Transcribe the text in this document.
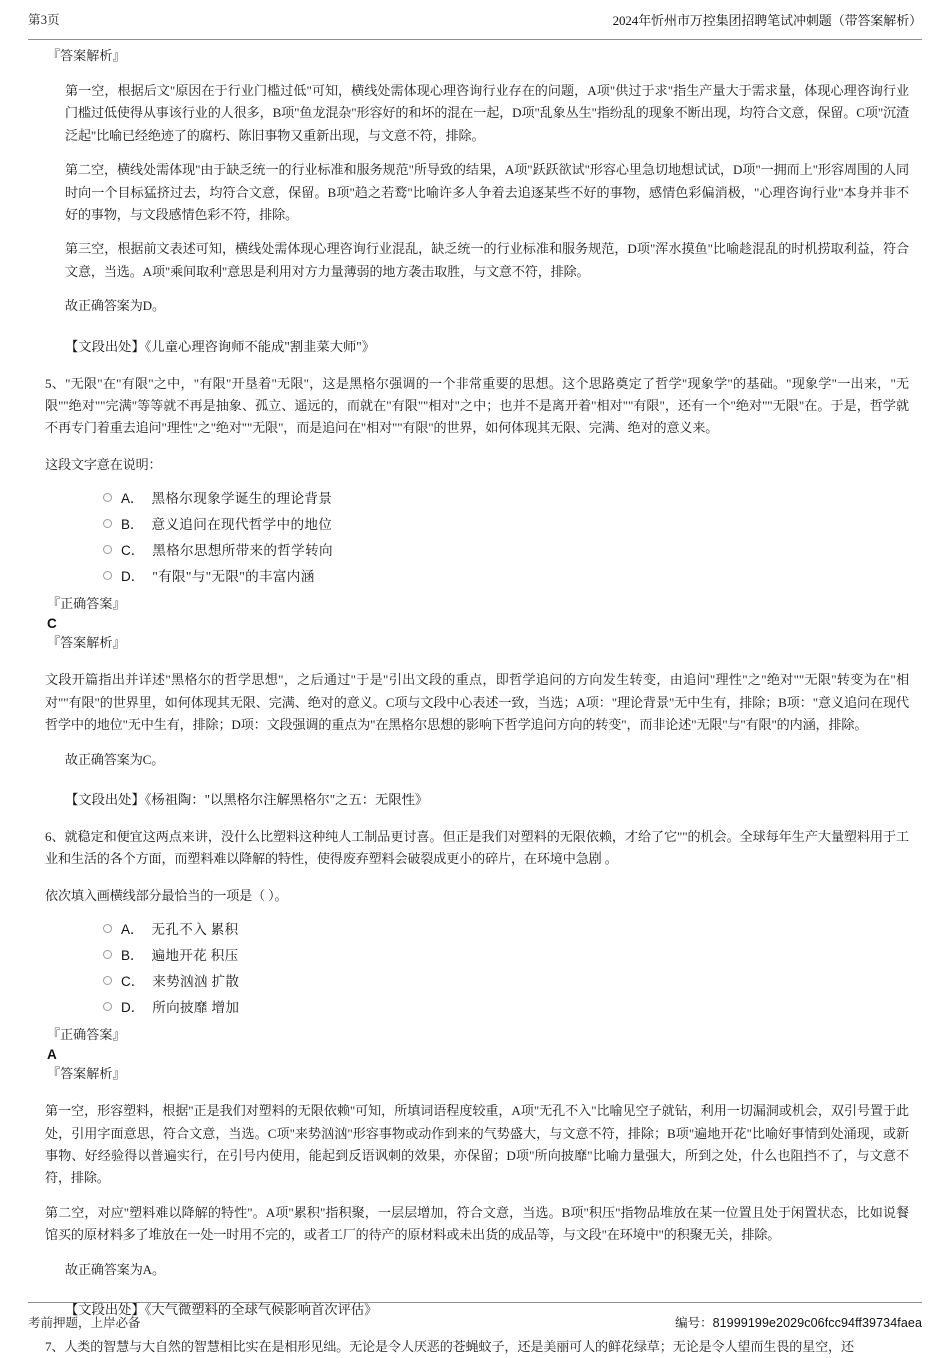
第3页	2024年忻州市万控集团招聘笔试冲刺题（带答案解析）
『答案解析』
第一空，根据后文"原因在于行业门槛过低"可知，横线处需体现心理咨询行业存在的问题，A项"供过于求"指生产量大于需求量，体现心理咨询行业门槛过低使得从事该行业的人很多，B项"鱼龙混杂"形容好的和坏的混在一起，D项"乱象丛生"指纷乱的现象不断出现，均符合文意，保留。C项"沉渣泛起"比喻已经绝迹了的腐朽、陈旧事物又重新出现，与文意不符，排除。
第二空，横线处需体现"由于缺乏统一的行业标准和服务规范"所导致的结果，A项"跃跃欲试"形容心里急切地想试试，D项"一拥而上"形容周围的人同时向一个目标猛挤过去，均符合文意，保留。B项"趋之若鹜"比喻许多人争着去追逐某些不好的事物，感情色彩偏消极，"心理咨询行业"本身并非不好的事物，与文段感情色彩不符，排除。
第三空，根据前文表述可知，横线处需体现心理咨询行业混乱，缺乏统一的行业标准和服务规范，D项"浑水摸鱼"比喻趁混乱的时机捞取利益，符合文意，当选。A项"乘间取利"意思是利用对方力量薄弱的地方袭击取胜，与文意不符，排除。
故正确答案为D。
【文段出处】《儿童心理咨询师不能成"割韭菜大师"》
5、"无限"在"有限"之中，"有限"开垦着"无限"，这是黑格尔强调的一个非常重要的思想。这个思路奠定了哲学"现象学"的基础。"现象学"一出来，"无限""绝对""完满"等等就不再是抽象、孤立、遥远的，而就在"有限""相对"之中；也并不是离开着"相对""有限"，还有一个"绝对""无限"在。于是，哲学就不再专门着重去追问"理性"之"绝对""无限"，而是追问在"相对""有限"的世界，如何体现其无限、完满、绝对的意义来。
这段文字意在说明：
A． 黑格尔现象学诞生的理论背景
B． 意义追问在现代哲学中的地位
C． 黑格尔思想所带来的哲学转向
D． "有限"与"无限"的丰富内涵
『正确答案』
C
『答案解析』
文段开篇指出并详述"黑格尔的哲学思想"，之后通过"于是"引出文段的重点，即哲学追问的方向发生转变，由追问"理性"之"绝对""无限"转变为在"相对""有限"的世界里，如何体现其无限、完满、绝对的意义。C项与文段中心表述一致，当选；A项："理论背景"无中生有，排除；B项："意义追问在现代哲学中的地位"无中生有，排除；D项：文段强调的重点为"在黑格尔思想的影响下哲学追问方向的转变"，而非论述"无限"与"有限"的内涵，排除。
故正确答案为C。
【文段出处】《杨祖陶："以黑格尔注解黑格尔"之五：无限性》
6、就稳定和便宜这两点来讲，没什么比塑料这种纯人工制品更讨喜。但正是我们对塑料的无限依赖，才给了它""的机会。全球每年生产大量塑料用于工业和生活的各个方面，而塑料难以降解的特性，使得废弃塑料会破裂成更小的碎片，在环境中急剧 。
依次填入画横线部分最恰当的一项是（ ）。
A． 无孔不入 累积
B． 遍地开花 积压
C． 来势汹汹 扩散
D． 所向披靡 增加
『正确答案』
A
『答案解析』
第一空，形容塑料，根据"正是我们对塑料的无限依赖"可知，所填词语程度较重，A项"无孔不入"比喻见空子就钻，利用一切漏洞或机会，双引号置于此处，引用字面意思，符合文意，当选。C项"来势汹汹"形容事物或动作到来的气势盛大，与文意不符，排除；B项"遍地开花"比喻好事情到处涌现，或新事物、好经验得以普遍实行，在引号内使用，能起到反语讽刺的效果，亦保留；D项"所向披靡"比喻力量强大，所到之处，什么也阻挡不了，与文意不符，排除。
第二空，对应"塑料难以降解的特性"。A项"累积"指积聚，一层层增加，符合文意，当选。B项"积压"指物品堆放在某一位置且处于闲置状态，比如说餐馆买的原材料多了堆放在一处一时用不完的，或者工厂的待产的原材料或未出货的成品等，与文段"在环境中"的积聚无关，排除。
故正确答案为A。
【文段出处】《大气微塑料的全球气候影响首次评估》
7、人类的智慧与大自然的智慧相比实在是相形见绌。无论是令人厌恶的苍蝇蚊子，还是美丽可人的鲜花绿草；无论是令人望而生畏的星空，还
考前押题，上岸必备	编号：81999199e2029c06fcc94ff39734faea
